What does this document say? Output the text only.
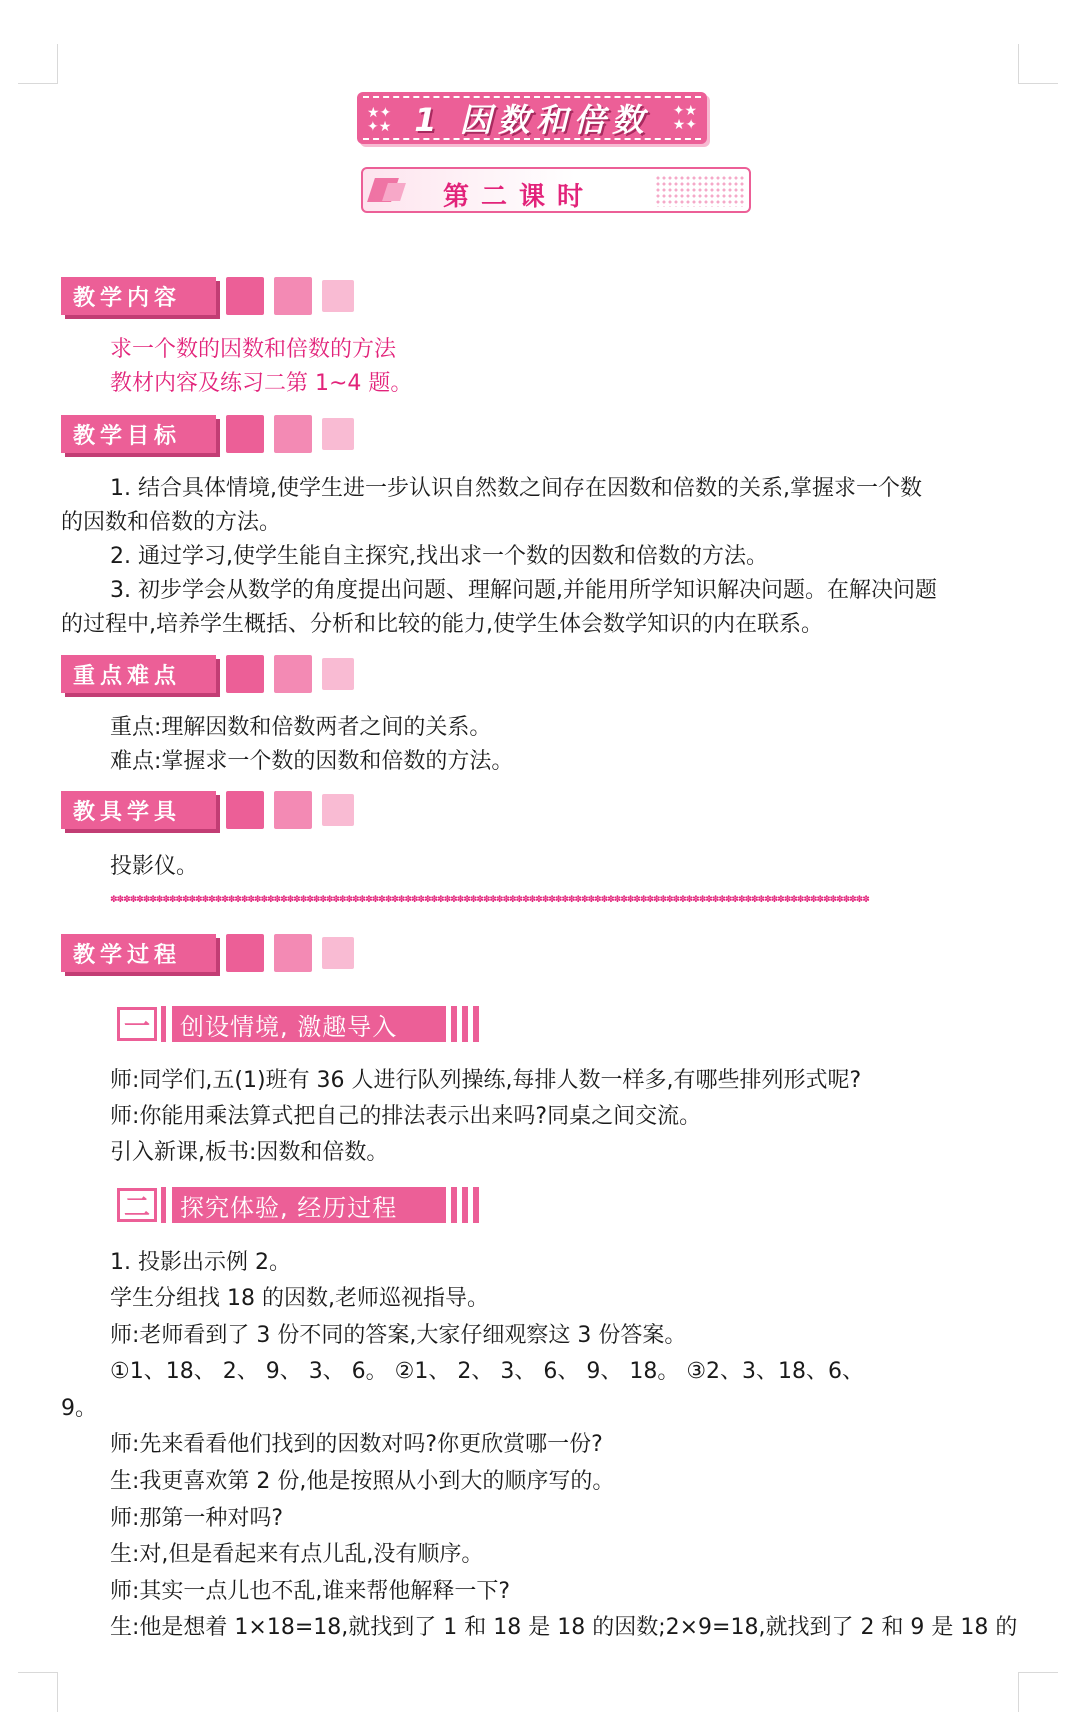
★✦
✦★ 1 因数和倍数 ✦★
★✦
第二课时
教学内容
求一个数的因数和倍数的方法
教材内容及练习二第 1~4 题。
教学目标
1. 结合具体情境,使学生进一步认识自然数之间存在因数和倍数的关系,掌握求一个数
的因数和倍数的方法。
2. 通过学习,使学生能自主探究,找出求一个数的因数和倍数的方法。
3. 初步学会从数学的角度提出问题、理解问题,并能用所学知识解决问题。在解决问题
的过程中,培养学生概括、分析和比较的能力,使学生体会数学知识的内在联系。
重点难点
重点:理解因数和倍数两者之间的关系。
难点:掌握求一个数的因数和倍数的方法。
教具学具
投影仪。
✽✽✽✽✽✽✽✽✽✽✽✽✽✽✽✽✽✽✽✽✽✽✽✽✽✽✽✽✽✽✽✽✽✽✽✽✽✽✽✽✽✽✽✽✽✽✽✽✽✽✽✽✽✽✽✽✽✽✽✽✽✽✽✽✽✽✽✽✽✽✽✽✽✽✽✽✽✽✽✽✽✽✽✽✽✽✽✽✽✽✽✽✽✽✽✽✽✽✽✽✽✽✽✽✽✽✽✽✽✽✽✽✽✽✽✽
教学过程
一	创设情境, 激趣导入
师:同学们,五(1)班有 36 人进行队列操练,每排人数一样多,有哪些排列形式呢?
师:你能用乘法算式把自己的排法表示出来吗?同桌之间交流。
引入新课,板书:因数和倍数。
二	探究体验, 经历过程
1. 投影出示例 2。
学生分组找 18 的因数,老师巡视指导。
师:老师看到了 3 份不同的答案,大家仔细观察这 3 份答案。
①1、18、 2、 9、 3、 6。 ②1、 2、 3、 6、 9、 18。 ③2、3、18、6、
9。
师:先来看看他们找到的因数对吗?你更欣赏哪一份?
生:我更喜欢第 2 份,他是按照从小到大的顺序写的。
师:那第一种对吗?
生:对,但是看起来有点儿乱,没有顺序。
师:其实一点儿也不乱,谁来帮他解释一下?
生:他是想着 1×18=18,就找到了 1 和 18 是 18 的因数;2×9=18,就找到了 2 和 9 是 18 的
